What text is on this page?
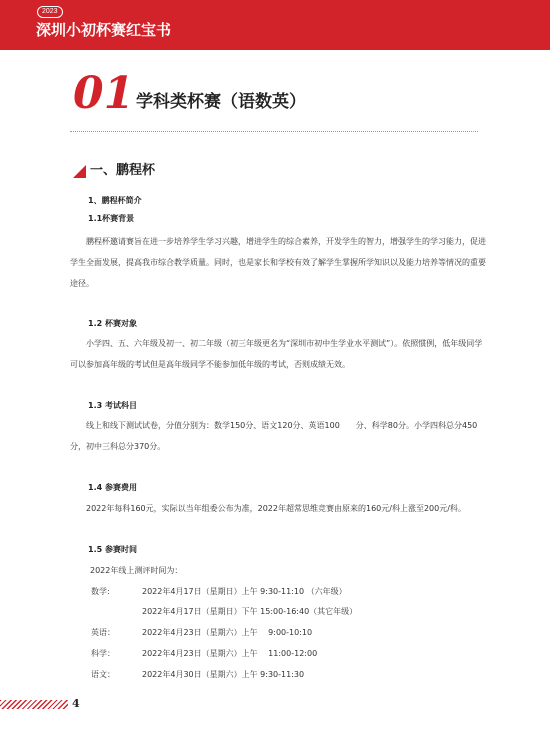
2023
深圳小初杯赛红宝书
01 学科类杯赛（语数英）
一、鹏程杯
1、鹏程杯简介
1.1杯赛背景

鹏程杯邀请赛旨在进一步培养学生学习兴趣，增进学生的综合素养，开发学生的智力，增强学生的学习能力，促进学生全面发展，提高我市综合教学质量。同时，也是家长和学校有效了解学生掌握所学知识以及能力培养等情况的重要途径。

1.2 杯赛对象

小学四、五、六年级及初一、初二年级（初三年级更名为“深圳市初中生学业水平测试”）。依照惯例，低年级同学可以参加高年级的考试但是高年级同学不能参加低年级的考试，否则成绩无效。

1.3 考试科目

线上和线下测试试卷，分值分别为：数学150分、语文120分、英语100　　分、科学80分。小学四科总分450分，初中三科总分370分。

1.4 参赛费用

2022年每科160元，实际以当年组委公布为准，2022年超常思维竞赛由原来的160元/科上涨至200元/科。

1.5 参赛时间
2022年线上测评时间为：
数学:	2022年4月17日（星期日）上午 9:30-11:10 （六年级）
2022年4月17日（星期日）下午 15:00-16:40（其它年级）
英语：	2022年4月23日（星期六）上午　 9:00-10:10
科学：	2022年4月23日（星期六）上午　 11:00-12:00
语文：	2022年4月30日（星期六）上午 9:30-11:30
4
